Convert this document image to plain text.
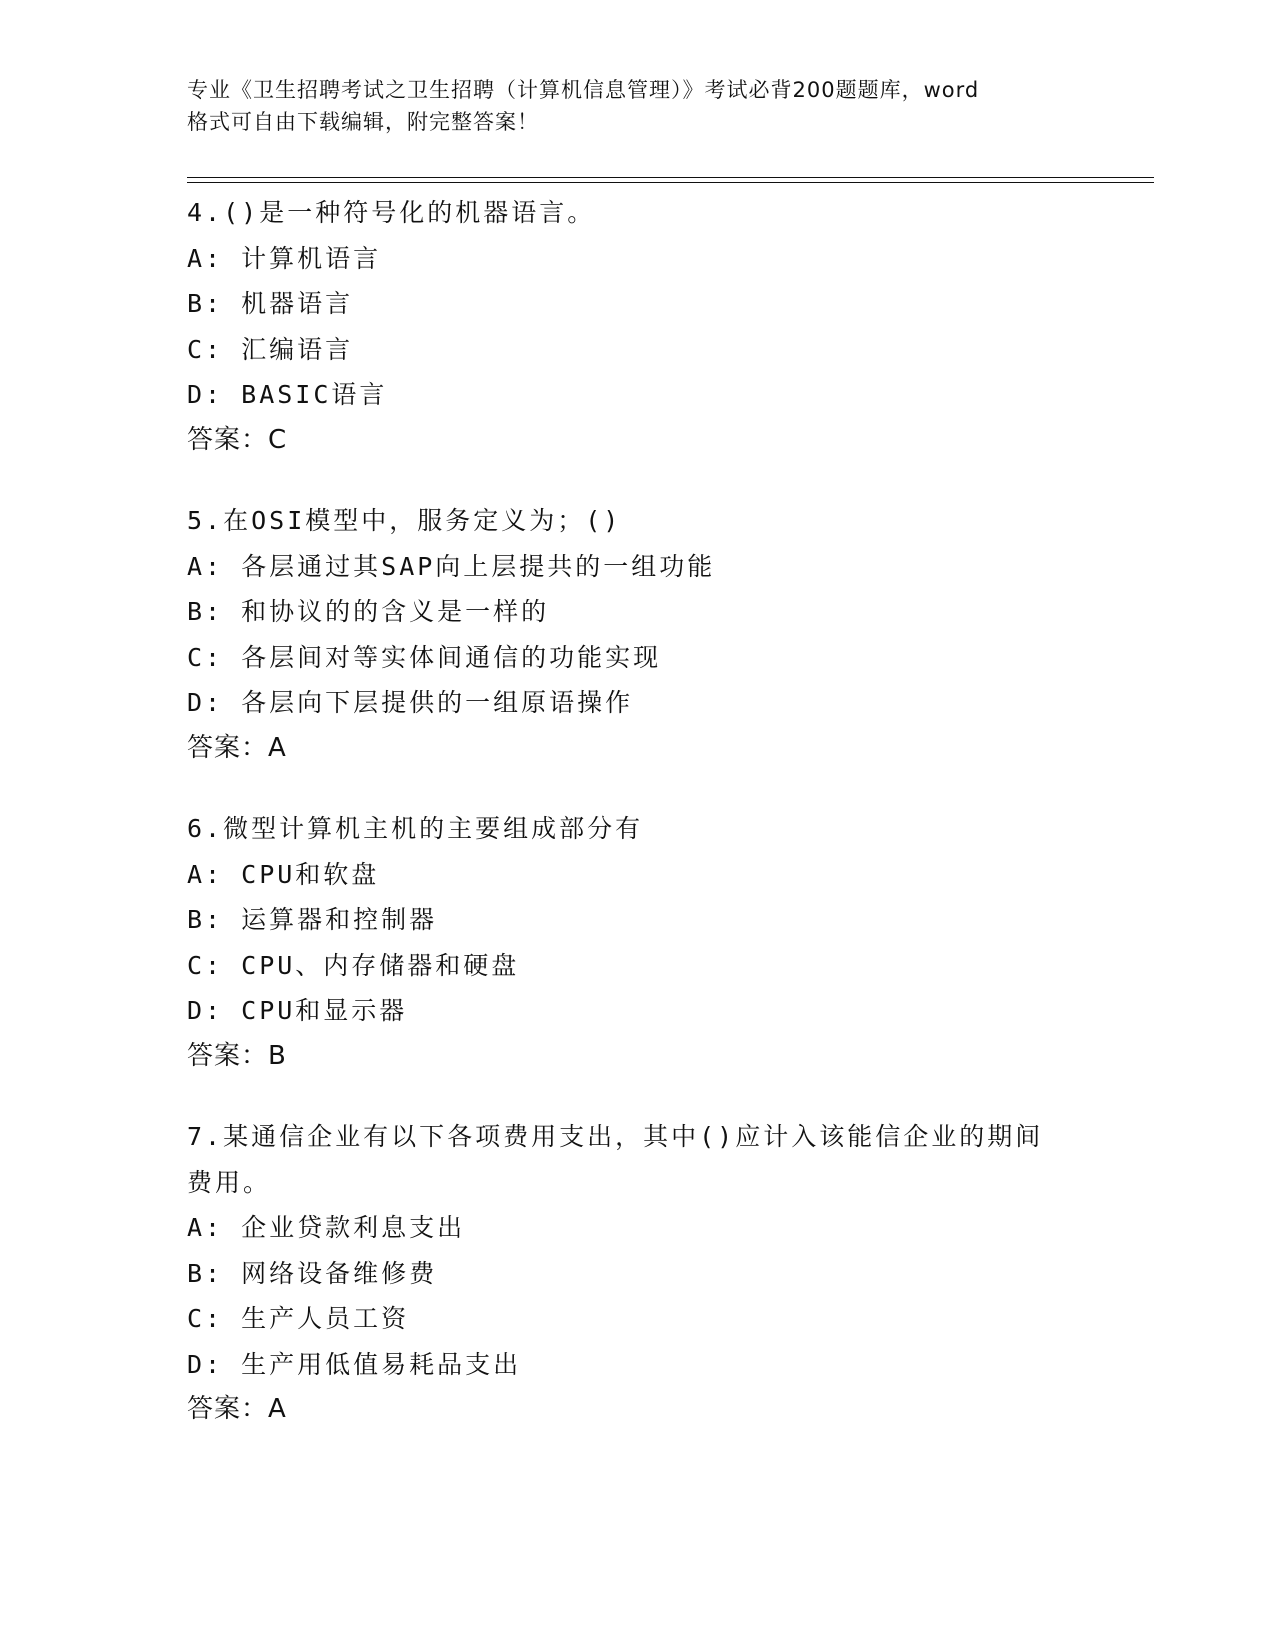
专业《卫生招聘考试之卫生招聘（计算机信息管理）》考试必背200题题库，word
格式可自由下载编辑，附完整答案！
4.()是一种符号化的机器语言。
A: 计算机语言
B: 机器语言
C: 汇编语言
D: BASIC语言
答案：C
5.在OSI模型中，服务定义为；()
A: 各层通过其SAP向上层提共的一组功能
B: 和协议的的含义是一样的
C: 各层间对等实体间通信的功能实现
D: 各层向下层提供的一组原语操作
答案：A
6.微型计算机主机的主要组成部分有
A: CPU和软盘
B: 运算器和控制器
C: CPU、内存储器和硬盘
D: CPU和显示器
答案：B
7.某通信企业有以下各项费用支出，其中()应计入该能信企业的期间
费用。
A: 企业贷款利息支出
B: 网络设备维修费
C: 生产人员工资
D: 生产用低值易耗品支出
答案：A
